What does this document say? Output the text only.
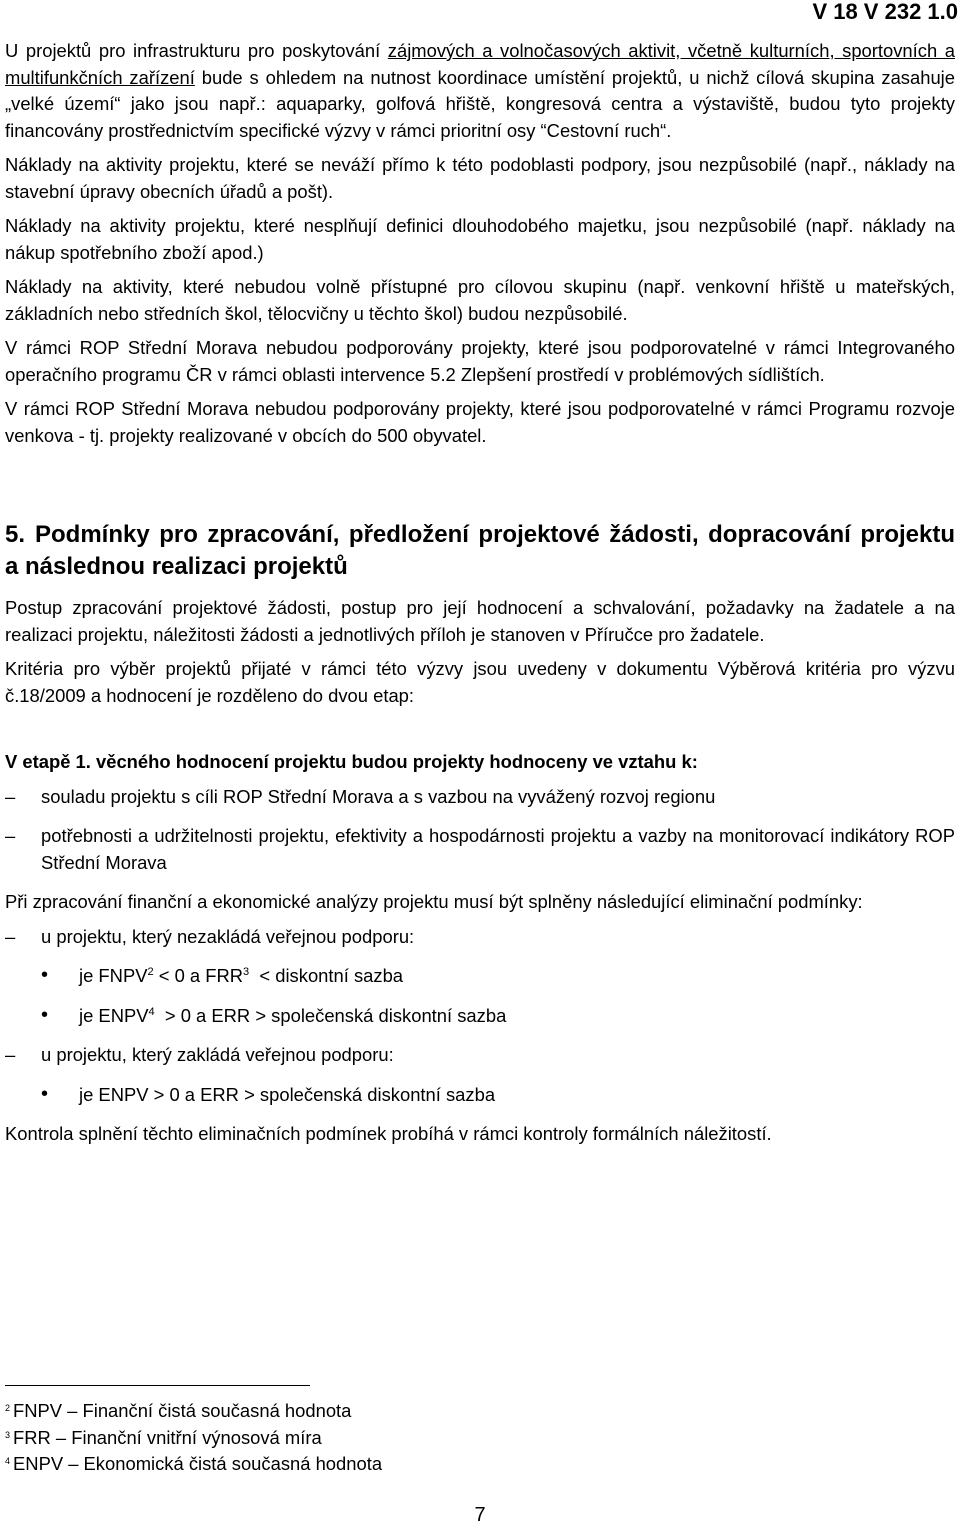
V 18 V 232 1.0

U projektů pro infrastrukturu pro poskytování zájmových a volnočasových aktivit, včetně kulturních, sportovních a multifunkčních zařízení bude s ohledem na nutnost koordinace umístění projektů, u nichž cílová skupina zasahuje „velké území“ jako jsou např.: aquaparky, golfová hřiště, kongresová centra a výstaviště, budou tyto projekty financovány prostřednictvím specifické výzvy v rámci prioritní osy “Cestovní ruch“.

Náklady na aktivity projektu, které se neváží přímo k této podoblasti podpory, jsou nezpůsobilé (např., náklady na stavební úpravy obecních úřadů a pošt).

Náklady na aktivity projektu, které nesplňují definici dlouhodobého majetku, jsou nezpůsobilé (např. náklady na nákup spotřebního zboží apod.)

Náklady na aktivity, které nebudou volně přístupné pro cílovou skupinu (např. venkovní hřiště u mateřských, základních nebo středních škol, tělocvičny u těchto škol) budou nezpůsobilé.

V rámci ROP Střední Morava nebudou podporovány projekty, které jsou podporovatelné v rámci Integrovaného operačního programu ČR v rámci oblasti intervence 5.2 Zlepšení prostředí v problémových sídlištích.

V rámci ROP Střední Morava nebudou podporovány projekty, které jsou podporovatelné v rámci Programu rozvoje venkova - tj. projekty realizované v obcích do 500 obyvatel.

5. Podmínky pro zpracování, předložení projektové žádosti, dopracování projektu a následnou realizaci projektů

Postup zpracování projektové žádosti, postup pro její hodnocení a schvalování, požadavky na žadatele a na realizaci projektu, náležitosti žádosti a jednotlivých příloh je stanoven v Příručce pro žadatele.

Kritéria pro výběr projektů přijaté v rámci této výzvy jsou uvedeny v dokumentu Výběrová kritéria pro výzvu č.18/2009 a hodnocení je rozděleno do dvou etap:

V etapě 1. věcného hodnocení projektu budou projekty hodnoceny ve vztahu k:

– souladu projektu s cíli ROP Střední Morava a s vazbou na vyvážený rozvoj regionu
– potřebnosti a udržitelnosti projektu, efektivity a hospodárnosti projektu a vazby na monitorovací indikátory ROP Střední Morava

Při zpracování finanční a ekonomické analýzy projektu musí být splněny následující eliminační podmínky:

– u projektu, který nezakládá veřejnou podporu:
• je $FNPV^2 < 0$ a FRR$^3$  < diskontní sazba
• je ENPV$^4$  > 0 a ERR > společenská diskontní sazba
– u projektu, který zakládá veřejnou podporu:
• je ENPV > 0 a ERR > společenská diskontní sazba

Kontrola splnění těchto eliminačních podmínek probíhá v rámci kontroly formálních náležitostí.

$^2$ FNPV – Finanční čistá současná hodnota

$^3$ FRR – Finanční vnitřní výnosová míra

$^4$ ENPV – Ekonomická čistá současná hodnota

7
